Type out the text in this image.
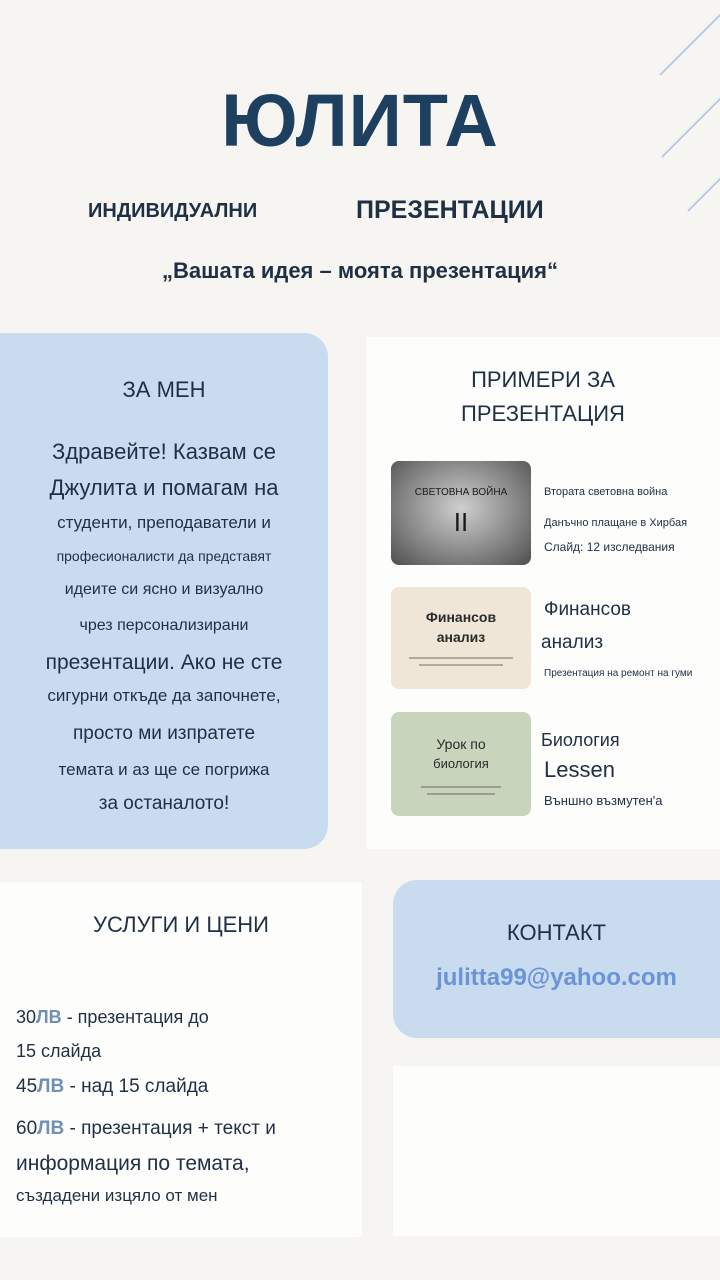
ЮЛИТА
ИНДИВИДУАЛНИ	ПРЕЗЕНТАЦИИ
„Вашата идея – моята презентация“
ЗА МЕН
Здравейте! Казвам се
Джулита и помагам на
студенти, преподаватели и
професионалисти да представят
идеите си ясно и визуално
чрез персонализирани
презентации. Ако не сте
сигурни откъде да започнете,
просто ми изпратете
темата и аз ще се погрижа
за останалото!
ПРИМЕРИ ЗА
ПРЕЗЕНТАЦИЯ
СВЕТОВНА ВОЙНА
II
Втората световна война
Данъчно плащане в Хирбая
Слайд: 12 изследвания
Финансов
анализ
Финансов
анализ
Презентация на ремонт на гуми
Урок по
биология
Биология
Lessen
Външно възмутен'а
УСЛУГИ И ЦЕНИ
30ЛВ - презентация до
15 слайда
45ЛВ - над 15 слайда
60ЛВ - презентация + текст и
информация по темата,
създадени изцяло от мен
КОНТАКТ
julitta99@yahoo.com
